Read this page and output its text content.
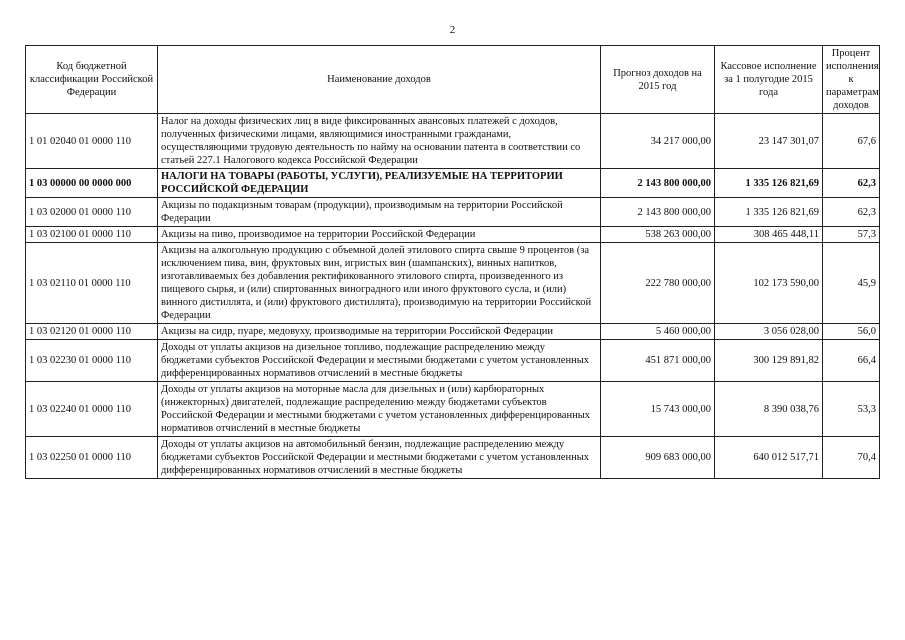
2
Код бюджетной классификации Российской Федерации	Наименование доходов	Прогноз доходов на 2015 год	Кассовое исполнение за 1 полугодие 2015 года	Процент исполнения к параметрам доходов
1 01 02040 01 0000 110	Налог на доходы физических лиц в виде фиксированных авансовых платежей с доходов, полученных физическими лицами, являющимися иностранными гражданами, осуществляющими трудовую деятельность по найму на основании патента в соответствии со статьей 227.1 Налогового кодекса Российской Федерации	34 217 000,00	23 147 301,07	67,6
1 03 00000 00 0000 000	НАЛОГИ НА ТОВАРЫ (РАБОТЫ, УСЛУГИ), РЕАЛИЗУЕМЫЕ НА ТЕРРИТОРИИ РОССИЙСКОЙ ФЕДЕРАЦИИ	2 143 800 000,00	1 335 126 821,69	62,3
1 03 02000 01 0000 110	Акцизы по подакцизным товарам (продукции), производимым на территории Российской Федерации	2 143 800 000,00	1 335 126 821,69	62,3
1 03 02100 01 0000 110	Акцизы на пиво, производимое на территории Российской Федерации	538 263 000,00	308 465 448,11	57,3
1 03 02110 01 0000 110	Акцизы на алкогольную продукцию с объемной долей этилового спирта свыше 9 процентов (за исключением пива, вин, фруктовых вин, игристых вин (шампанских), винных напитков, изготавливаемых без добавления ректификованного этилового спирта, произведенного из пищевого сырья, и (или) спиртованных виноградного или иного фруктового сусла, и (или) винного дистиллята, и (или) фруктового дистиллята), производимую на территории Российской Федерации	222 780 000,00	102 173 590,00	45,9
1 03 02120 01 0000 110	Акцизы на сидр, пуаре, медовуху, производимые на территории Российской Федерации	5 460 000,00	3 056 028,00	56,0
1 03 02230 01 0000 110	Доходы от уплаты акцизов на дизельное топливо, подлежащие распределению между бюджетами субъектов Российской Федерации и местными бюджетами с учетом установленных дифференцированных нормативов отчислений в местные бюджеты	451 871 000,00	300 129 891,82	66,4
1 03 02240 01 0000 110	Доходы от уплаты акцизов на моторные масла для дизельных и (или) карбюраторных (инжекторных) двигателей, подлежащие распределению между бюджетами субъектов Российской Федерации и местными бюджетами с учетом установленных дифференцированных нормативов отчислений в местные бюджеты	15 743 000,00	8 390 038,76	53,3
1 03 02250 01 0000 110	Доходы от уплаты акцизов на автомобильный бензин, подлежащие распределению между бюджетами субъектов Российской Федерации и местными бюджетами с учетом установленных дифференцированных нормативов отчислений в местные бюджеты	909 683 000,00	640 012 517,71	70,4
